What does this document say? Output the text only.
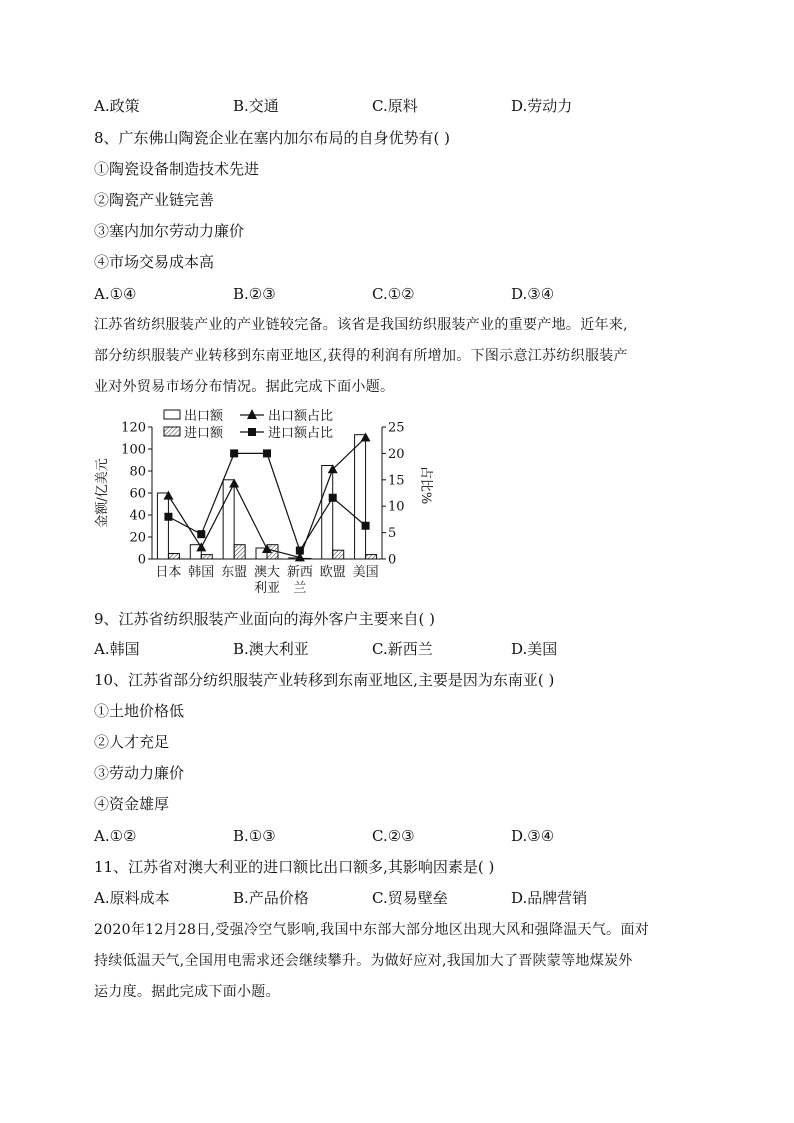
A.政策	B.交通	C.原料	D.劳动力
8、广东佛山陶瓷企业在塞内加尔布局的自身优势有( )
①陶瓷设备制造技术先进
②陶瓷产业链完善
③塞内加尔劳动力廉价
④市场交易成本高
A.①④	B.②③	C.①②	D.③④
江苏省纺织服装产业的产业链较完备。该省是我国纺织服装产业的重要产地。近年来,
部分纺织服装产业转移到东南亚地区,获得的利润有所增加。下图示意江苏纺织服装产
业对外贸易市场分布情况。据此完成下面小题。
0
20
40
60
80
100
120
0
5
10
15
20
25
金额/亿美元	占比%
日本 韩国 东盟 澳大
利亚
新西
兰
欧盟 美国
出口额
进口额
出口额占比
进口额占比
9、江苏省纺织服装产业面向的海外客户主要来自( )
A.韩国	B.澳大利亚	C.新西兰	D.美国
10、江苏省部分纺织服装产业转移到东南亚地区,主要是因为东南亚( )
①土地价格低
②人才充足
③劳动力廉价
④资金雄厚
A.①②	B.①③	C.②③	D.③④
11、江苏省对澳大利亚的进口额比出口额多,其影响因素是( )
A.原料成本	B.产品价格	C.贸易壁垒	D.品牌营销
2020年12月28日,受强冷空气影响,我国中东部大部分地区出现大风和强降温天气。面对
持续低温天气,全国用电需求还会继续攀升。为做好应对,我国加大了晋陕蒙等地煤炭外
运力度。据此完成下面小题。
